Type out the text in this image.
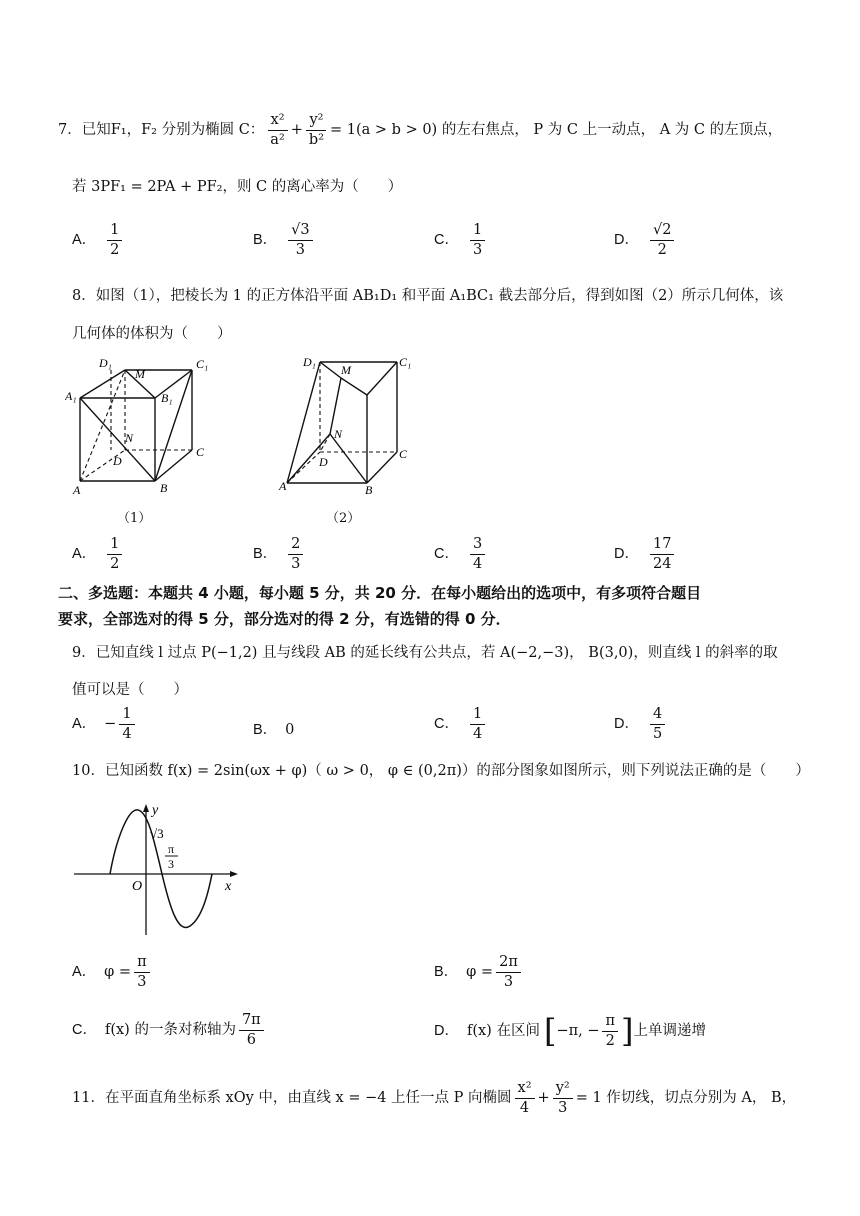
7．已知F₁，F₂ 分别为椭圆 C： $\frac{\text{x²}}{\text{a²}} + \frac{\text{y²}}{\text{b²}} = 1(a > b > 0)$ 的左右焦点， P 为 C 上一动点， A 为 C 的左顶点，
若 3PF₁ = 2PA + PF₂，则 C 的离心率为（　　）
A． $\frac{1}{2}$	B． $\frac{√3}{3}$	C． $\frac{1}{3}$	D． $\frac{√2}{2}$
8．如图（1），把棱长为 1 的正方体沿平面 AB₁D₁ 和平面 A₁BC₁ 截去部分后，得到如图（2）所示几何体，该
几何体的体积为（　　）
D₁
M
C₁
A₁	B₁
N
D
C
A	B
（1）
D₁
M
C₁
N
D
C
A	B
（2）
A． $\frac{1}{2}$	B． $\frac{2}{3}$	C． $\frac{3}{4}$	D． $\frac{17}{24}$
二、多选题：本题共 4 小题，每小题 5 分，共 20 分．在每小题给出的选项中，有多项符合题目
要求，全部选对的得 5 分，部分选对的得 2 分，有选错的得 0 分．
9．已知直线 l 过点 P(−1,2) 且与线段 AB 的延长线有公共点，若 A(−2,−3)， B(3,0)，则直线 l 的斜率的取
值可以是（　　）
A． − $\frac{1}{4}$	B． 0	C． $\frac{1}{4}$	D． $\frac{4}{5}$
10．已知函数 f(x) = 2sin(ωx + φ)（ ω > 0， φ ∈ (0,2π)）的部分图象如图所示，则下列说法正确的是（　　）
y
√3
π
3
O	x
A． $\varphi = \frac{\pi}{3}$	B． $\varphi = \frac{2\pi}{3}$
C． f(x) 的一条对称轴为 $\frac{7\pi}{6}$	D． f(x) 在区间 [−π, − $\frac{\pi}{2}$ ]上单调递增
11．在平面直角坐标系 xOy 中，由直线 x = −4 上任一点 P 向椭圆 $\frac{\text{x²}}{4} + \frac{\text{y²}}{3} = 1$ 作切线，切点分别为 A， B，
